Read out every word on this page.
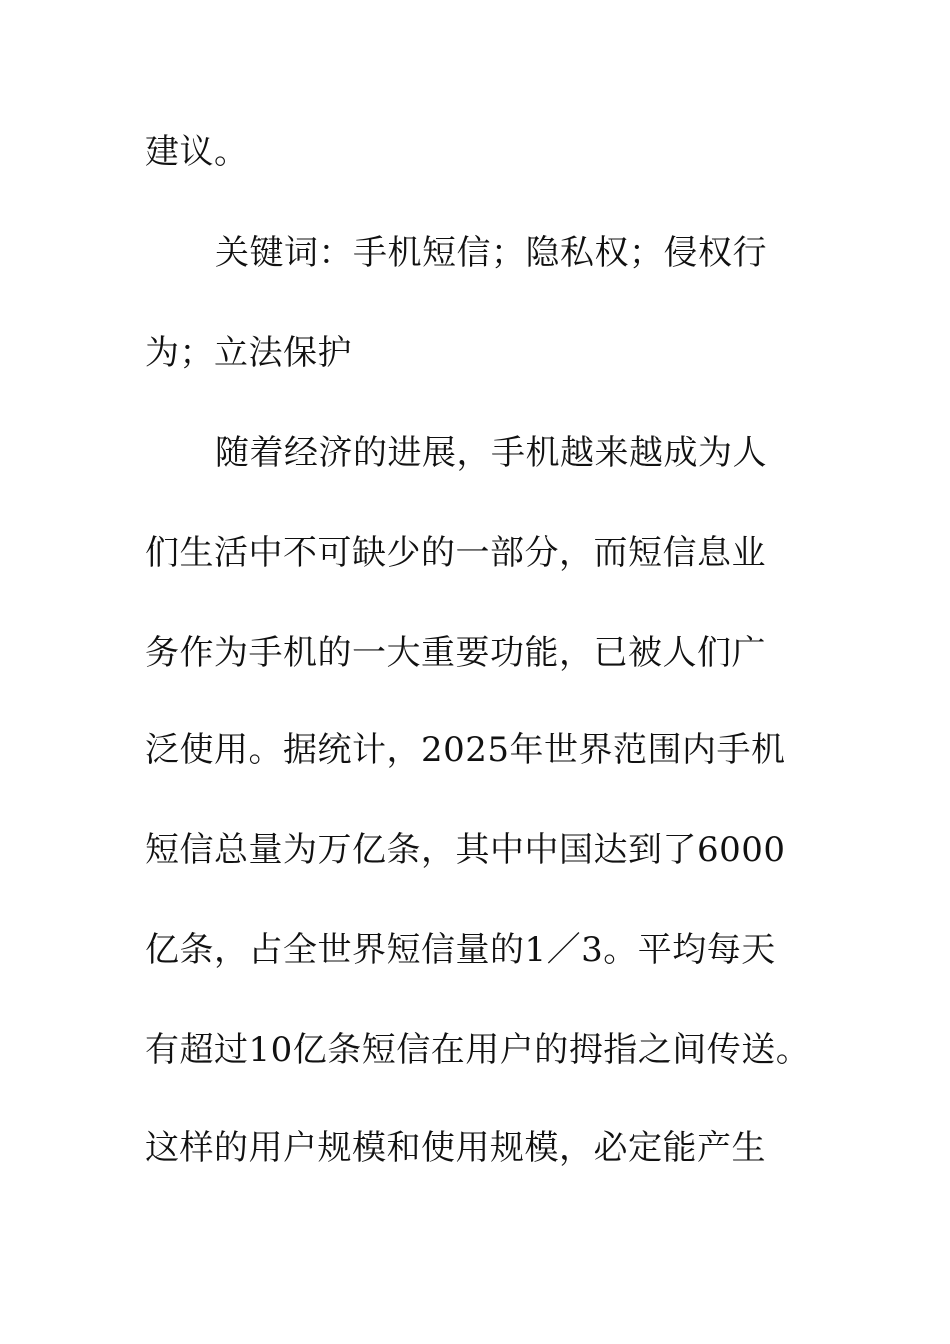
建议。
关键词：手机短信；隐私权；侵权行
为；立法保护
随着经济的进展，手机越来越成为人
们生活中不可缺少的一部分，而短信息业
务作为手机的一大重要功能，已被人们广
泛使用。据统计，2025年世界范围内手机
短信总量为万亿条，其中中国达到了6000
亿条，占全世界短信量的1／3。平均每天
有超过10亿条短信在用户的拇指之间传送。
这样的用户规模和使用规模，必定能产生
